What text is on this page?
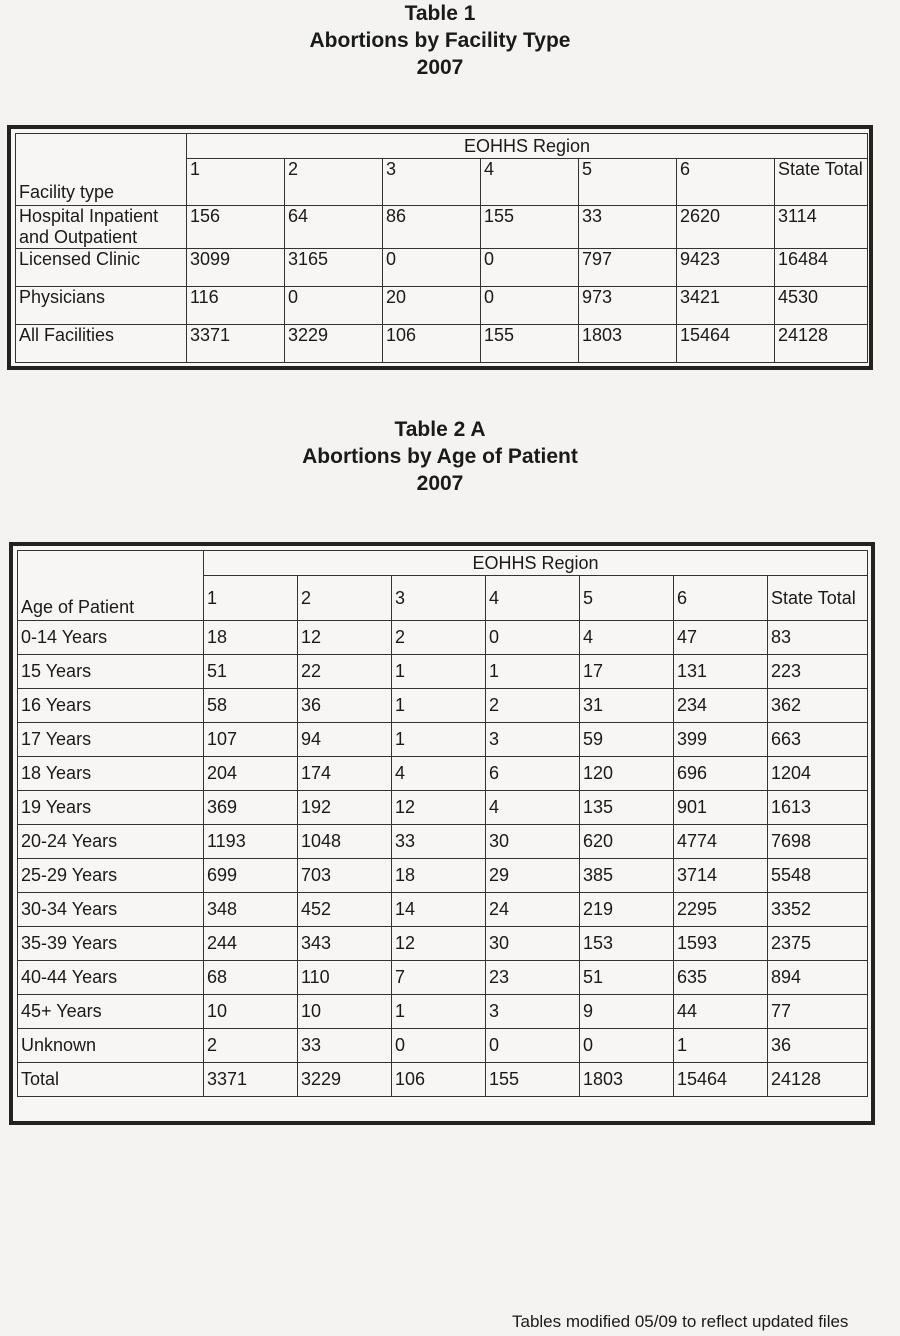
Table 1
Abortions by Facility Type
2007
Facility type	EOHHS Region						
	1	2	3	4	5	6	State Total
Hospital Inpatient and Outpatient	156	64	86	155	33	2620	3114
Licensed Clinic	3099	3165	0	0	797	9423	16484
Physicians	116	0	20	0	973	3421	4530
All Facilities	3371	3229	106	155	1803	15464	24128
Table 2 A
Abortions by Age of Patient
2007
Age of Patient	EOHHS Region						
	1	2	3	4	5	6	State Total
0-14 Years	18	12	2	0	4	47	83
15 Years	51	22	1	1	17	131	223
16 Years	58	36	1	2	31	234	362
17 Years	107	94	1	3	59	399	663
18 Years	204	174	4	6	120	696	1204
19 Years	369	192	12	4	135	901	1613
20-24 Years	1193	1048	33	30	620	4774	7698
25-29 Years	699	703	18	29	385	3714	5548
30-34 Years	348	452	14	24	219	2295	3352
35-39 Years	244	343	12	30	153	1593	2375
40-44 Years	68	110	7	23	51	635	894
45+ Years	10	10	1	3	9	44	77
Unknown	2	33	0	0	0	1	36
Total	3371	3229	106	155	1803	15464	24128
Tables modified 05/09 to reflect updated files
